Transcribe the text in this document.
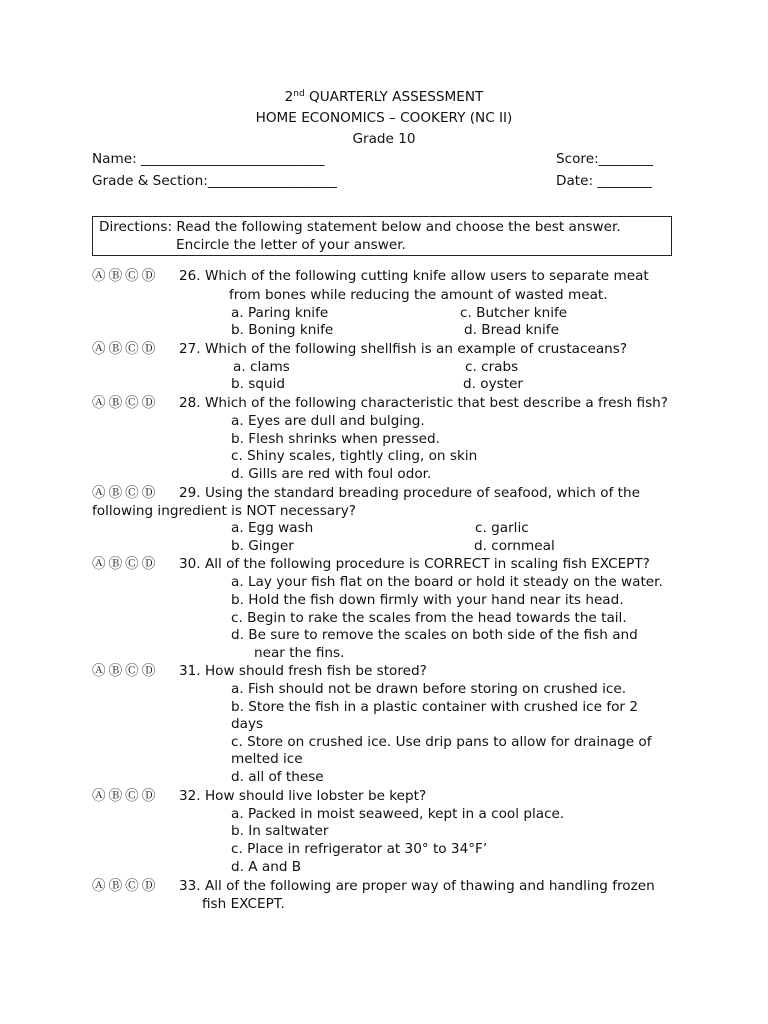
2nd QUARTERLY ASSESSMENT
HOME ECONOMICS – COOKERY (NC II)
Grade 10
Name: ___________________________	Score:________
Grade & Section:___________________	Date: ________
Directions: Read the following statement below and choose the best answer.
Encircle the letter of your answer.
ⒶⒷⒸⒹ 26. Which of the following cutting knife allow users to separate meat
from bones while reducing the amount of wasted meat.
a. Paring knife	c. Butcher knife
b. Boning knife	d. Bread knife
ⒶⒷⒸⒹ 27. Which of the following shellfish is an example of crustaceans?
a. clams	c. crabs
b. squid	d. oyster
ⒶⒷⒸⒹ 28. Which of the following characteristic that best describe a fresh fish?
a. Eyes are dull and bulging.
b. Flesh shrinks when pressed.
c. Shiny scales, tightly cling, on skin
d. Gills are red with foul odor.
ⒶⒷⒸⒹ 29. Using the standard breading procedure of seafood, which of the
following ingredient is NOT necessary?
a. Egg wash	c. garlic
b. Ginger	d. cornmeal
ⒶⒷⒸⒹ 30. All of the following procedure is CORRECT in scaling fish EXCEPT?
a. Lay your fish flat on the board or hold it steady on the water.
b. Hold the fish down firmly with your hand near its head.
c. Begin to rake the scales from the head towards the tail.
d. Be sure to remove the scales on both side of the fish and
near the fins.
ⒶⒷⒸⒹ 31. How should fresh fish be stored?
a. Fish should not be drawn before storing on crushed ice.
b. Store the fish in a plastic container with crushed ice for 2
days
c. Store on crushed ice. Use drip pans to allow for drainage of
melted ice
d. all of these
ⒶⒷⒸⒹ 32. How should live lobster be kept?
a. Packed in moist seaweed, kept in a cool place.
b. In saltwater
c. Place in refrigerator at 30° to 34°F’
d. A and B
ⒶⒷⒸⒹ 33. All of the following are proper way of thawing and handling frozen
fish EXCEPT.
